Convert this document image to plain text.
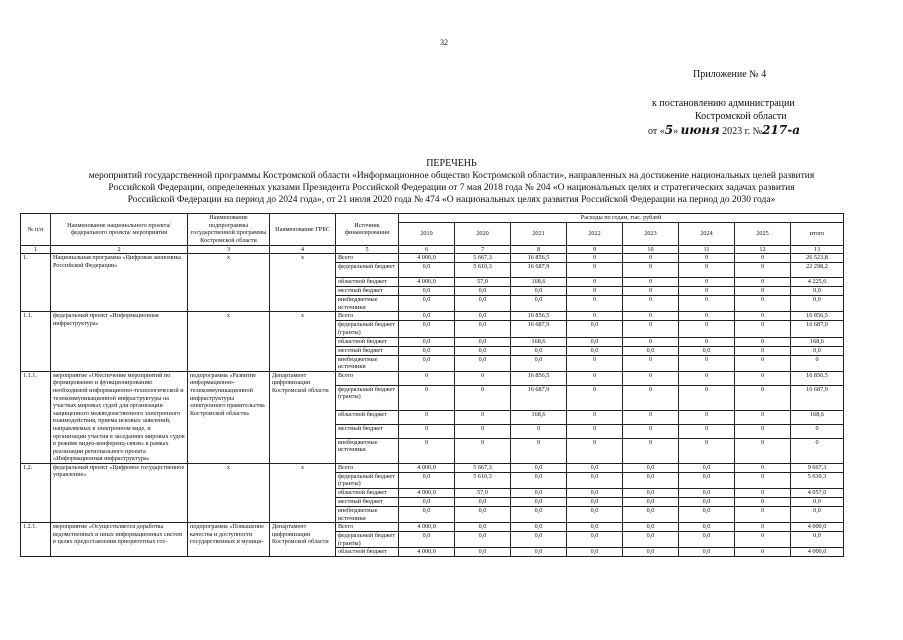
32
Приложение № 4
к постановлению администрации
Костромской области
от «5» июня 2023 г. №217-а
ПЕРЕЧЕНЬ
мероприятий государственной программы Костромской области «Информационное общество Костромской области», направленных на достижение национальных целей развития
Российской Федерации, определенных указами Президента Российской Федерации от 7 мая 2018 года № 204 «О национальных целях и стратегических задачах развития
Российской Федерации на период до 2024 года», от 21 июля 2020 года № 474 «О национальных целях развития Российской Федерации на период до 2030 года»
№ п/п	Наименование национального проекта/федерального проекта/ мероприятия	Наименование подпрограммы государственной программы Костромской области	Наименование ГРБС	Источник финансирования	Расходы по годам, тыс. рублей							
					2019	2020	2021	2022	2023	2024	2025	итого
1	2	3	4	5	6	7	8	9	10	11	12	13
1.	Национальная программа «Цифровая экономика Российской Федерации»	х	х	Всего	4 000,0	5 667,3	16 856,5	0	0	0	0	26 523,8
				федеральный бюджет	0,0	5 610,3	16 687,9	0	0	0	0	22 298,2
				областной бюджет	4 000,0	57,0	168,6	0	0	0	0	4 225,6
				местный бюджет	0,0	0,0	0,0	0	0	0	0	0,0
				внебюджетные источники	0,0	0,0	0,0	0	0	0	0	0,0
1.1.	федеральный проект «Информационная инфраструктура»	х	х	Всего	0,0	0,0	16 856,5	0	0	0	0	16 856,5
				федеральный бюджет (гранты)	0,0	0,0	16 687,9	0,0	0	0	0	16 687,9
				областной бюджет	0,0	0,0	168,6	0,0	0	0	0	168,6
				местный бюджет	0,0	0,0	0,0	0,0	0,0	0,0	0	0,0
				внебюджетные источники	0,0	0,0	0,0	0	0	0	0	0
1.1.1.	мероприятие «Обеспечение мероприятий по формированию и функционированию необходимой информационно-технологической и телекоммуникационной инфраструктуры на участках мировых судей для организации защищенного межведомственного электронного взаимодействия, приема исковых заявлений, направляемых в электронном виде, и организации участия в заседаниях мировых судов в режиме видео-конференц-связи» в рамках реализации регионального проекта «Информационная инфраструктура»	подпрограмма «Развитие информационно-телекоммуникационной инфраструктуры электронного правительства Костромской области»	Департамент цифровизации Костромской области	Всего	0	0	16 856,5	0	0	0	0	16 856,5
				федеральный бюджет (гранты)	0	0	16 687,9	0	0	0	0	16 687,9
				областной бюджет	0	0	168,6	0	0	0	0	168,6
				местный бюджет	0	0	0	0	0	0	0	0
				внебюджетные источники	0	0	0	0	0	0	0	0
1.2.	федеральный проект «Цифровое государственное управление»	х	х	Всего	4 000,0	5 667,3	0,0	0,0	0,0	0,0	0	9 667,3
				федеральный бюджет (гранты)	0,0	5 610,3	0,0	0,0	0,0	0,0	0	5 610,3
				областной бюджет	4 000,0	57,0	0,0	0,0	0,0	0,0	0	4 057,0
				местный бюджет	0,0	0,0	0,0	0,0	0,0	0,0	0	0,0
				внебюджетные источники	0,0	0,0	0,0	0,0	0,0	0,0	0	0,0
1.2.1.	мероприятие «Осуществляется доработка ведомственных и иных информационных систем в целях предоставления приоритетных гос-	подпрограмма «Повышение качества и доступности государственных и муници-	Департамент цифровизации Костромской области	Всего	4 000,0	0,0	0,0	0,0	0,0	0,0	0	4 000,0
				федеральный бюджет (гранты)	0,0	0,0	0,0	0,0	0,0	0,0	0	0,0
				областной бюджет	4 000,0	0,0	0,0	0,0	0,0	0,0	0	4 000,0
